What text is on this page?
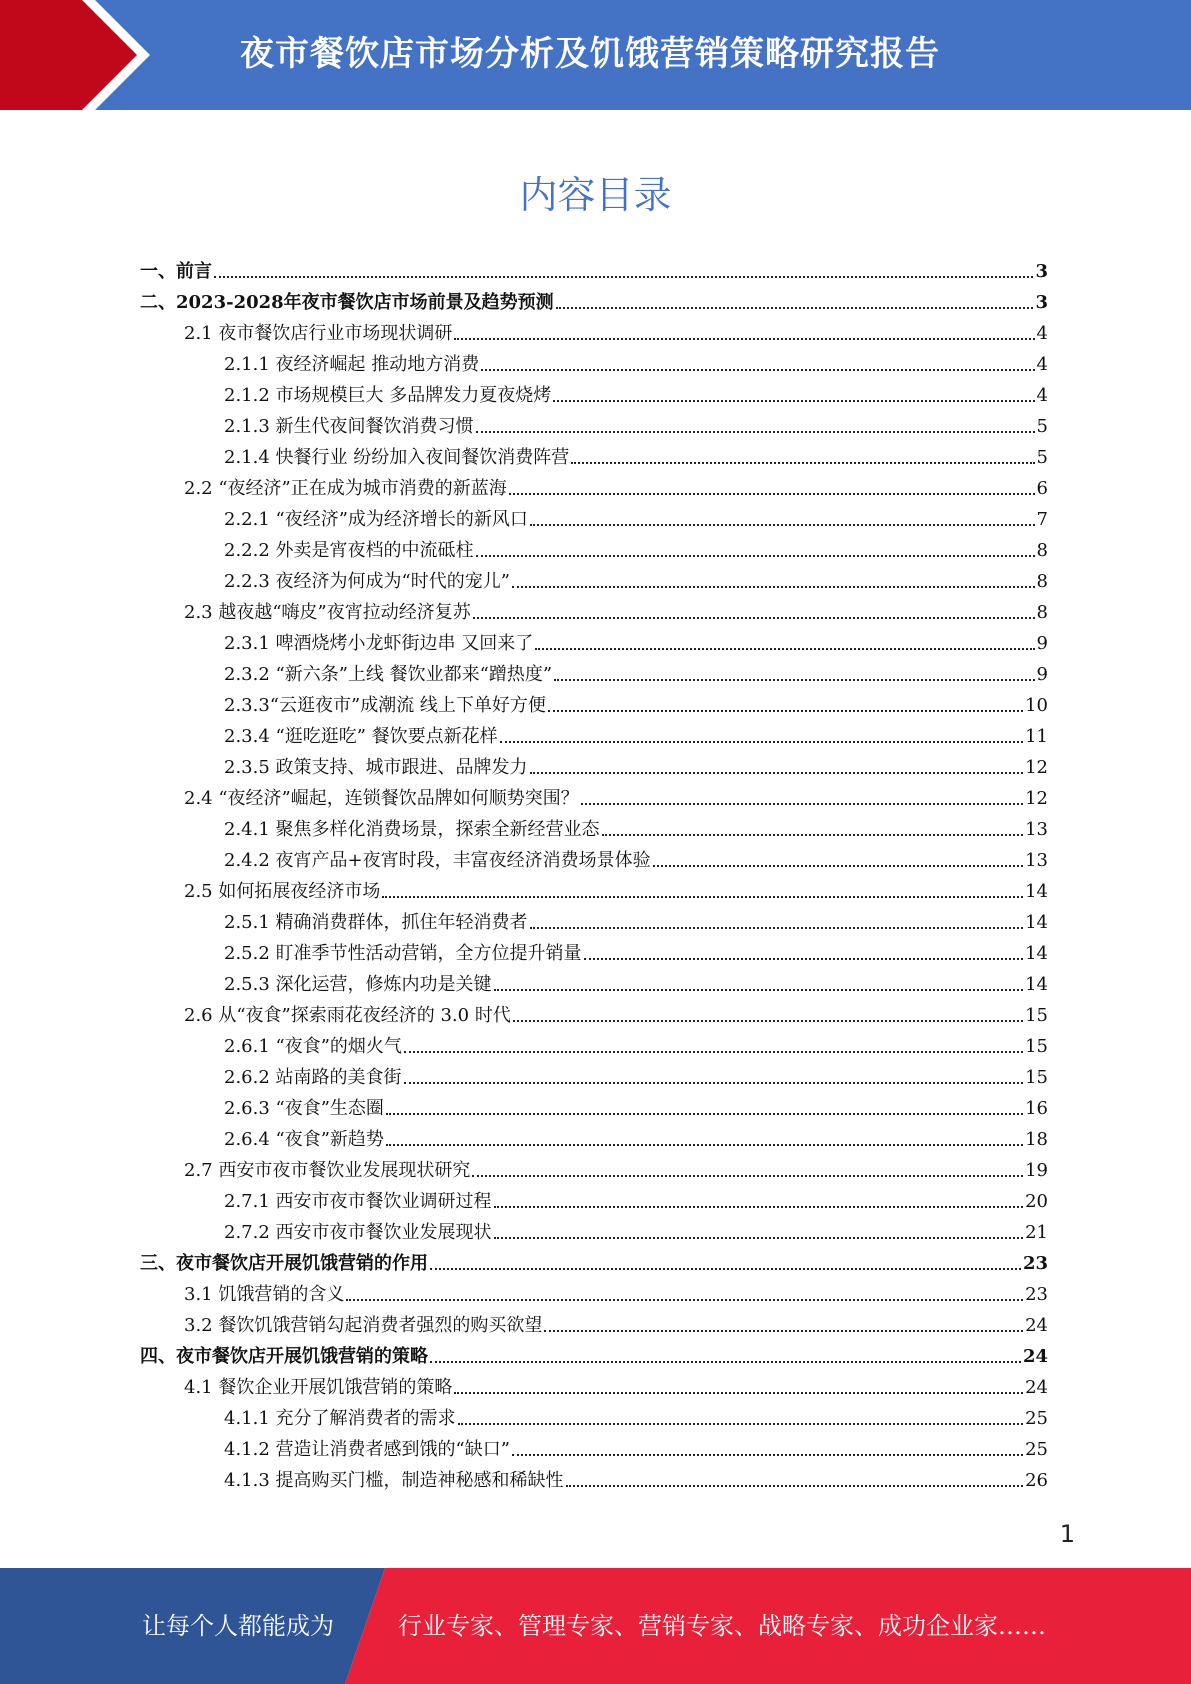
夜市餐饮店市场分析及饥饿营销策略研究报告
内容目录
一、前言	3
二、2023-2028年夜市餐饮店市场前景及趋势预测	3
2.1 夜市餐饮店行业市场现状调研	4
2.1.1 夜经济崛起 推动地方消费	4
2.1.2 市场规模巨大 多品牌发力夏夜烧烤	4
2.1.3 新生代夜间餐饮消费习惯	5
2.1.4 快餐行业 纷纷加入夜间餐饮消费阵营	5
2.2 “夜经济”正在成为城市消费的新蓝海	6
2.2.1 “夜经济”成为经济增长的新风口	7
2.2.2 外卖是宵夜档的中流砥柱	8
2.2.3 夜经济为何成为“时代的宠儿”	8
2.3 越夜越“嗨皮”夜宵拉动经济复苏	8
2.3.1 啤酒烧烤小龙虾街边串 又回来了	9
2.3.2 “新六条”上线 餐饮业都来“蹭热度”	9
2.3.3“云逛夜市”成潮流 线上下单好方便	10
2.3.4 “逛吃逛吃” 餐饮要点新花样	11
2.3.5 政策支持、城市跟进、品牌发力	12
2.4 “夜经济”崛起，连锁餐饮品牌如何顺势突围？	12
2.4.1 聚焦多样化消费场景，探索全新经营业态	13
2.4.2 夜宵产品+夜宵时段，丰富夜经济消费场景体验	13
2.5 如何拓展夜经济市场	14
2.5.1 精确消费群体，抓住年轻消费者	14
2.5.2 盯准季节性活动营销，全方位提升销量	14
2.5.3 深化运营，修炼内功是关键	14
2.6 从“夜食”探索雨花夜经济的 3.0 时代	15
2.6.1 “夜食”的烟火气	15
2.6.2 站南路的美食街	15
2.6.3 “夜食”生态圈	16
2.6.4 “夜食”新趋势	18
2.7 西安市夜市餐饮业发展现状研究	19
2.7.1 西安市夜市餐饮业调研过程	20
2.7.2 西安市夜市餐饮业发展现状	21
三、夜市餐饮店开展饥饿营销的作用	23
3.1 饥饿营销的含义	23
3.2 餐饮饥饿营销勾起消费者强烈的购买欲望	24
四、夜市餐饮店开展饥饿营销的策略	24
4.1 餐饮企业开展饥饿营销的策略	24
4.1.1 充分了解消费者的需求	25
4.1.2 营造让消费者感到饿的“缺口”	25
4.1.3 提高购买门槛，制造神秘感和稀缺性	26
1
让每个人都能成为	行业专家、管理专家、营销专家、战略专家、成功企业家……
